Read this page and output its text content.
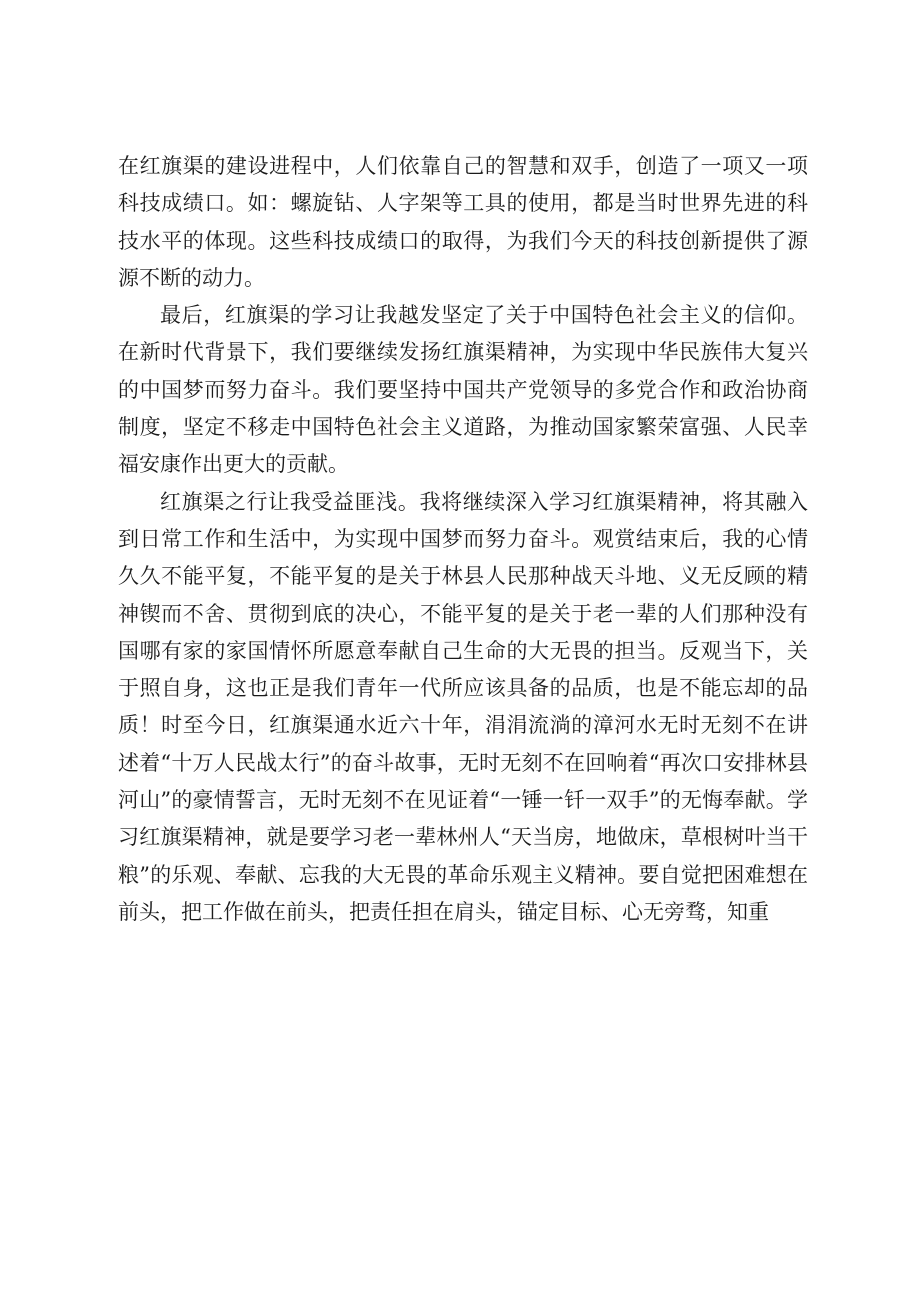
在红旗渠的建设进程中，人们依靠自己的智慧和双手，创造了一项又一项科技成绩口。如：螺旋钻、人字架等工具的使用，都是当时世界先进的科技水平的体现。这些科技成绩口的取得，为我们今天的科技创新提供了源源不断的动力。

最后，红旗渠的学习让我越发坚定了关于中国特色社会主义的信仰。在新时代背景下，我们要继续发扬红旗渠精神，为实现中华民族伟大复兴的中国梦而努力奋斗。我们要坚持中国共产党领导的多党合作和政治协商制度，坚定不移走中国特色社会主义道路，为推动国家繁荣富强、人民幸福安康作出更大的贡献。

红旗渠之行让我受益匪浅。我将继续深入学习红旗渠精神，将其融入到日常工作和生活中，为实现中国梦而努力奋斗。观赏结束后，我的心情久久不能平复，不能平复的是关于林县人民那种战天斗地、义无反顾的精神锲而不舍、贯彻到底的决心，不能平复的是关于老一辈的人们那种没有国哪有家的家国情怀所愿意奉献自己生命的大无畏的担当。反观当下，关于照自身，这也正是我们青年一代所应该具备的品质，也是不能忘却的品质！时至今日，红旗渠通水近六十年，涓涓流淌的漳河水无时无刻不在讲述着“十万人民战太行”的奋斗故事，无时无刻不在回响着“再次口安排林县河山”的豪情誓言，无时无刻不在见证着“一锤一钎一双手”的无悔奉献。学习红旗渠精神，就是要学习老一辈林州人“天当房，地做床，草根树叶当干粮”的乐观、奉献、忘我的大无畏的革命乐观主义精神。要自觉把困难想在前头，把工作做在前头，把责任担在肩头，锚定目标、心无旁骛，知重
